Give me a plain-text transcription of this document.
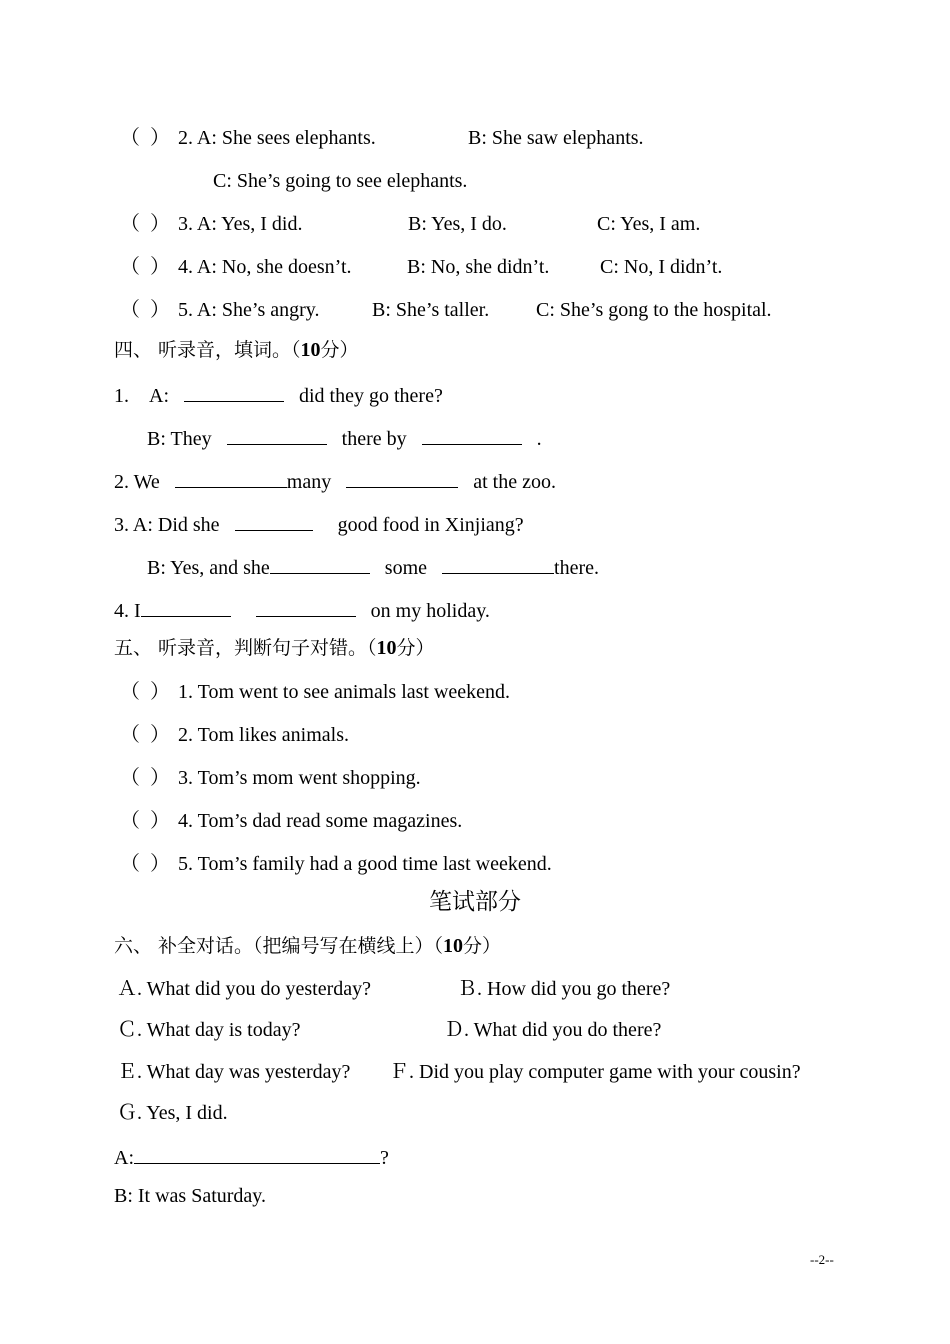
（ ） 2. A: She sees elephants.	B: She saw elephants.
C: She’s going to see elephants.
（ ） 3. A: Yes, I did.	B: Yes, I do.	C: Yes, I am.
（ ） 4. A: No, she doesn’t.	B: No, she didn’t.	C: No, I didn’t.
（ ） 5. A: She’s angry.	B: She’s taller. C: She’s gong to the hospital.
四、 听录音，填词。（10分）
1. A:	did they go there?
B: They	there by	.
2. We	many	at the zoo.
3. A: Did she	good food in Xinjiang?
B: Yes, and she	some	there.
4. I	on my holiday.
五、 听录音，判断句子对错。（10分）
（ ） 1. Tom went to see animals last weekend.
（ ） 2. Tom likes animals.
（ ） 3. Tom’s mom went shopping.
（ ） 4. Tom’s dad read some magazines.
（ ） 5. Tom’s family had a good time last weekend.
笔试部分
六、 补全对话。（把编号写在横线上）（10分）
Ａ. What did you do yesterday?	Ｂ. How did you go there?
Ｃ. What day is today?	Ｄ. What did you do there?
Ｅ. What day was yesterday? Ｆ. Did you play computer game with your cousin?
Ｇ. Yes, I did.
A:	?
B: It was Saturday.
--2--
